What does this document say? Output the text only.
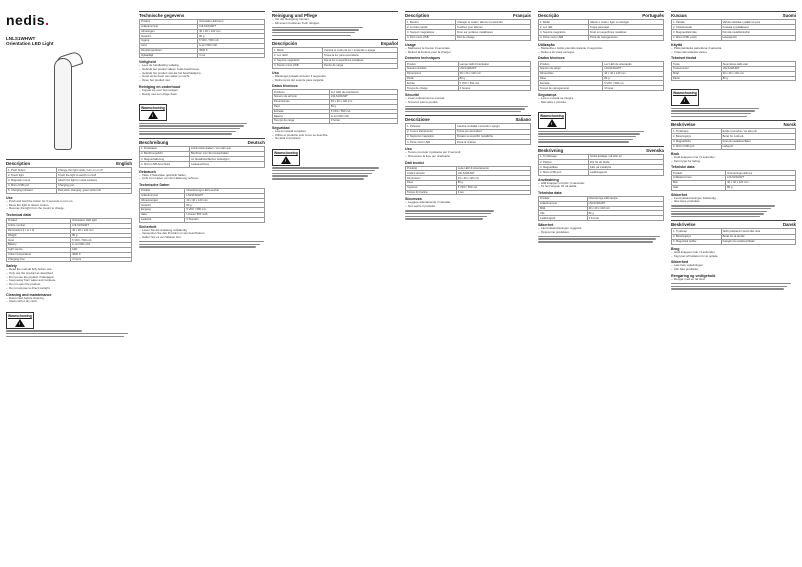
nedis.
LNLS1WHWT
Orientation LED Light
Description	English
1. Push button	Change the light mode / turn on or off
2. Touch light	Touch the light to switch it on/off
3. Magnetic mount	Attach the light to metal surfaces
4. Micro USB port	Charging port
5. Charging indicator	Red when charging, green when full
Use
– Push and hold the button for 3 seconds to turn on.
– Move the light to detect motion.
– Remove the light from the mount to charge.
Technical data
Product	Orientation LED light
Article number	LNLS1WHWT
Dimensions (l x w x h)	40 x 40 x 120 mm
Weight	80 g
Input	5 VDC / 500 mA
Battery	Li-ion 500 mAh
Light source	LED
Colour temperature	3000 K
Charging time	3 hours
Safety
– Read the manual fully before use.
– Only use the product as described.
– Do not use the product if damaged.
– Keep away from water and moisture.
– Do not open the product.
– Do not expose to direct sunlight.
Cleaning and maintenance
– Disconnect before cleaning.
– Clean with a dry cloth.
Waarschuwing
!
Technische gegevens
Product	Orientatie LED-lamp
Artikelnummer	LNLS1WHWT
Afmetingen	40 x 40 x 120 mm
Gewicht	80 g
Ingang	5 VDC / 500 mA
Accu	Li-ion 500 mAh
Kleurtemperatuur	3000 K
Oplaadtijd	3 uur
Veiligheid
– Lees de handleiding volledig.
– Gebruik het product alleen zoals beschreven.
– Gebruik het product niet als het beschadigd is.
– Houd uit de buurt van water en vocht.
– Open het product niet.
Reiniging en onderhoud
– Koppel los voor het reinigen.
– Reinig met een droge doek.
Waarschuwing
!
Beschreibung	Deutsch
1. Drucktaste	Lichtmodus ändern / ein oder aus
2. Berührungslicht	Berühren zum Ein-/Ausschalten
3. Magnethalterung	An Metalloberflächen befestigen
4. Micro-USB-Anschluss	Ladeanschluss
Gebrauch
– Taste 3 Sekunden gedrückt halten.
– Licht zum Laden von der Halterung nehmen.
Technische Daten
Produkt	Orientierungs-LED-Leuchte
Artikelnummer	LNLS1WHWT
Abmessungen	40 x 40 x 120 mm
Gewicht	80 g
Eingang	5 VDC / 500 mA
Akku	Li-Ionen 500 mAh
Ladezeit	3 Stunden
Sicherheit
– Lesen Sie die Anleitung vollständig.
– Verwenden Sie das Produkt nur wie beschrieben.
– Halten Sie es von Wasser fern.
Reinigung und Pflege
– Vor der Reinigung trennen.
– Mit einem trockenen Tuch reinigen.
Descripción	Español
1. Botón	Cambia el modo de luz / enciende o apaga
2. Luz táctil	Toque la luz para encenderla
3. Soporte magnético	Fije la luz a superficies metálicas
4. Puerto micro USB	Puerto de carga
Uso
– Mantenga pulsado el botón 3 segundos.
– Retire la luz del soporte para cargarla.
Datos técnicos
Producto	Luz LED de orientación
Número de artículo	LNLS1WHWT
Dimensiones	40 x 40 x 120 mm
Peso	80 g
Entrada	5 VDC / 500 mA
Batería	Li-ion 500 mAh
Tiempo de carga	3 horas
Seguridad
– Lea el manual completo.
– Utilice el producto solo como se describe.
– No abra el producto.
Waarschuwing
!
Description	Français
1. Bouton	Changer le mode / allumer ou éteindre
2. Lumière tactile	Touchez pour allumer
3. Support magnétique	Fixer sur surfaces métalliques
4. Port micro USB	Port de charge
Usage
– Maintenez le bouton 3 secondes.
– Retirez la lumière pour la charger.
Données techniques
Produit	Lampe LED d'orientation
Numéro d'article	LNLS1WHWT
Dimensions	40 x 40 x 120 mm
Poids	80 g
Entrée	5 VDC / 500 mA
Temps de charge	3 heures
Sécurité
– Lisez entièrement le manuel.
– N'ouvrez pas le produit.
Descrizione	Italiano
1. Pulsante	Cambia modalità / accendi o spegni
2. Luce a sfioramento	Tocca per accendere
3. Supporto magnetico	Fissare su superfici metalliche
4. Porta micro USB	Porta di ricarica
Uso
– Tenere premuto il pulsante per 3 secondi.
– Rimuovere la luce per ricaricarla.
Dati tecnici
Prodotto	Luce LED di orientamento
Codice articolo	LNLS1WHWT
Dimensioni	40 x 40 x 120 mm
Peso	80 g
Ingresso	5 VDC / 500 mA
Tempo di ricarica	3 ore
Sicurezza
– Leggere attentamente il manuale.
– Non aprire il prodotto.
Descrição	Português
1. Botão	Alterar o modo / ligar ou desligar
2. Luz tátil	Toque para ligar
3. Suporte magnético	Fixar em superfícies metálicas
4. Porta micro USB	Porta de carregamento
Utilização
– Mantenha o botão premido durante 3 segundos.
– Retire a luz para carregar.
Dados técnicos
Produto	Luz LED de orientação
Número do artigo	LNLS1WHWT
Dimensões	40 x 40 x 120 mm
Peso	80 g
Entrada	5 VDC / 500 mA
Tempo de carregamento	3 horas
Segurança
– Leia o manual na íntegra.
– Não abra o produto.
Waarschuwing
!
Beskrivning	Svenska
1. Tryckknapp	Ändra ljusläge / på eller av
2. Pekljus	Rör för att tända
3. Magnetfäste	Fäst på metallytor
4. Micro USB-port	Laddningsport
Användning
– Håll knappen intryckt i 3 sekunder.
– Ta bort lampan för att ladda.
Tekniska data
Produkt	Orienterings-LED-lampa
Artikelnummer	LNLS1WHWT
Mått	40 x 40 x 120 mm
Vikt	80 g
Laddningstid	3 timmar
Säkerhet
– Läs bruksanvisningen noggrant.
– Öppna inte produkten.
Kuvaus	Suomi
1. Painike	Vaihda valotilaa / päälle tai pois
2. Kosketusvalo	Kosketa sytyttääksesi
3. Magneettikiinnike	Kiinnitä metallipintoihin
4. Micro USB -portti	Latausportti
Käyttö
– Pidä painiketta painettuna 3 sekuntia.
– Irrota valo latausta varten.
Tekniset tiedot
Tuote	Suunnistus-LED-valo
Tuotenumero	LNLS1WHWT
Mitat	40 x 40 x 120 mm
Paino	80 g
Waarschuwing
!
Beskrivelse	Norsk
1. Trykknapp	Endre lysmodus / av eller på
2. Berøringslys	Berør for å slå på
3. Magnetfeste	Fest på metalloverflater
4. Micro USB-port	Ladeport
Bruk
– Hold knappen inne i 3 sekunder.
– Fjern lyset for lading.
Tekniske data
Produkt	Orienterings-LED-lys
Artikkelnummer	LNLS1WHWT
Mål	40 x 40 x 120 mm
Vekt	80 g
Sikkerhet
– Les bruksanvisningen fullstendig.
– Ikke åpne produktet.
Beskrivelse	Dansk
1. Trykknap	Skift lystilstand / tænd eller sluk
2. Berøringslys	Berør for at tænde
3. Magnetisk holder	Fastgør på metaloverflader
Brug
– Hold knappen inde i 3 sekunder.
– Tag lyset af holderen for at oplade.
Sikkerhed
– Læs hele vejledningen.
– Åbn ikke produktet.
Rengøring og vedligehold
– Rengør med en tør klud.
